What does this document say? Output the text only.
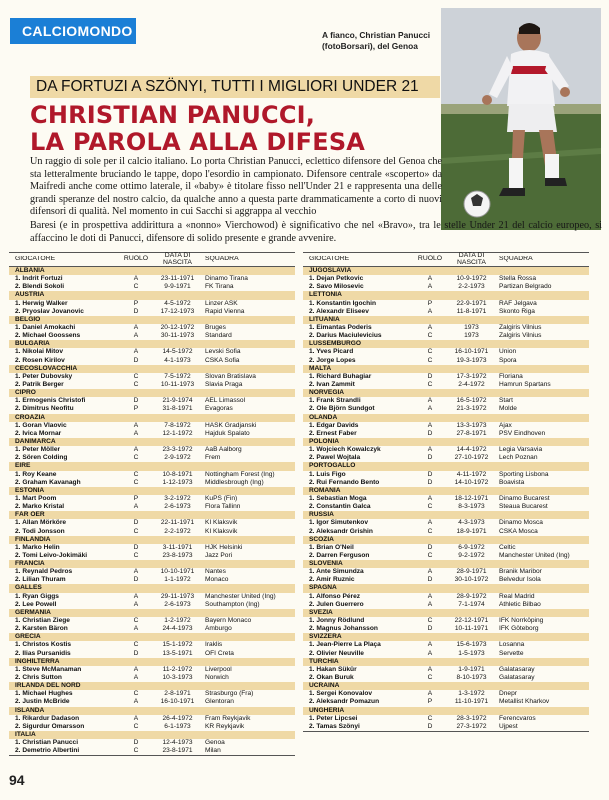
CALCIOMONDO	A fianco, Christian Panucci (fotoBorsari), del Genoa
DA FORTUZI A SZÖNYI, TUTTI I MIGLIORI UNDER 21
CHRISTIAN PANUCCI,
LA PAROLA ALLA DIFESA
Un raggio di sole per il calcio italiano. Lo porta Christian Panucci, eclettico difensore del Genoa che sta letteralmente bruciando le tappe, dopo l'esordio in campionato. Difensore centrale «scoperto» da Maifredi anche come ottimo laterale, il «baby» è titolare fisso nell'Under 21 e rappresenta una delle grandi speranze del nostro calcio, da qualche anno a questa parte drammaticamente a corto di nuovi difensori di qualità. Nel momento in cui Sacchi si aggrappa al vecchio
Baresi (e in prospettiva addirittura a «nonno» Vierchowod) è significativo che nel «Bravo», tra le stelle Under 21 del calcio europeo, si affaccino le doti di Panucci, difensore di solido presente e grande avvenire.
GIOCATORE	RUOLO	DATA DI NASCITA	SQUADRA
ALBANIA
1. Indrit Fortuzi	A	23-11-1971	Dinamo Tirana
2. Blendi Sokoli	C	9-9-1971	FK Tirana
AUSTRIA
1. Herwig Walker	P	4-5-1972	Linzer ASK
2. Pryoslav Jovanovic	D	17-12-1973	Rapid Vienna
BELGIO
1. Daniel Amokachi	A	20-12-1972	Bruges
2. Michael Goossens	A	30-11-1973	Standard
BULGARIA
1. Nikolai Mitov	A	14-5-1972	Levski Sofia
2. Rosen Kirilov	D	4-1-1973	CSKA Sofia
CECOSLOVACCHIA
1. Peter Dubovsky	C	7-5-1972	Slovan Bratislava
2. Patrik Berger	C	10-11-1973	Slavia Praga
CIPRO
1. Ermogenis Christofi	D	21-9-1974	AEL Limassol
2. Dimitrus Neofitu	P	31-8-1971	Evagoras
CROAZIA
1. Goran Vlaovic	A	7-8-1972	HASK Gradjanski
2. Ivica Mornar	A	12-1-1972	Hajduk Spalato
DANIMARCA
1. Peter Möller	A	23-3-1972	AaB Aalborg
2. Sören Colding	C	2-9-1972	Frem
EIRE
1. Roy Keane	C	10-8-1971	Nottingham Forest (Ing)
2. Graham Kavanagh	C	1-12-1973	Middlesbrough (Ing)
ESTONIA
1. Mart Poom	P	3-2-1972	KuPS (Fin)
2. Marko Kristal	A	2-6-1973	Flora Tallinn
FÄR ÖER
1. Allan Mörköre	D	22-11-1971	KI Klaksvik
2. Todi Jonsson	C	2-2-1972	KI Klaksvik
FINLANDIA
1. Marko Helin	D	3-11-1971	HJK Helsinki
2. Tomi Leivo-Jokimäki	C	23-8-1973	Jazz Pori
FRANCIA
1. Reynald Pedros	A	10-10-1971	Nantes
2. Lilian Thuram	D	1-1-1972	Monaco
GALLES
1. Ryan Giggs	A	29-11-1973	Manchester United (Ing)
2. Lee Powell	A	2-6-1973	Southampton (Ing)
GERMANIA
1. Christian Ziege	C	1-2-1972	Bayern Monaco
2. Karsten Bäron	A	24-4-1973	Amburgo
GRECIA
1. Christos Kostis	C	15-1-1972	Iraklis
2. Ilias Pursanidis	D	13-5-1971	OFI Creta
INGHILTERRA
1. Steve McManaman	A	11-2-1972	Liverpool
2. Chris Sutton	A	10-3-1973	Norwich
IRLANDA DEL NORD
1. Michael Hughes	C	2-8-1971	Strasburgo (Fra)
2. Justin McBride	A	16-10-1971	Glentoran
ISLANDA
1. Rikardur Dadason	A	26-4-1972	Fram Reykjavik
2. Sigurdur Omarsson	C	6-1-1973	KR Reykjavik
ITALIA
1. Christian Panucci	D	12-4-1973	Genoa
2. Demetrio Albertini	C	23-8-1971	Milan
GIOCATORE	RUOLO	DATA DI NASCITA	SQUADRA
JUGOSLAVIA
1. Dejan Petkovic	A	10-9-1972	Stella Rossa
2. Savo Milosevic	A	2-2-1973	Partizan Belgrado
LETTONIA
1. Konstantin Igochin	P	22-9-1971	RAF Jelgava
2. Alexandr Eliseev	A	11-8-1971	Skonto Riga
LITUANIA
1. Eimantas Poderis	A	1973	Zalgiris Vilnius
2. Darius Maciulevicius	C	1973	Zalgiris Vilnius
LUSSEMBURGO
1. Yves Picard	C	16-10-1971	Union
2. Jorge Lopes	C	19-3-1973	Spora
MALTA
1. Richard Buhagiar	D	17-3-1972	Floriana
2. Ivan Zammit	C	2-4-1972	Hamrun Spartans
NORVEGIA
1. Frank Strandli	A	16-5-1972	Start
2. Ole Björn Sundgot	A	21-3-1972	Molde
OLANDA
1. Edgar Davids	A	13-3-1973	Ajax
2. Ernest Faber	D	27-8-1971	PSV Eindhoven
POLONIA
1. Wojciech Kowalczyk	A	14-4-1972	Legia Varsavia
2. Pawel Wojtala	D	27-10-1972	Lech Poznan
PORTOGALLO
1. Luis Figo	D	4-11-1972	Sporting Lisbona
2. Rui Fernando Bento	D	14-10-1972	Boavista
ROMANIA
1. Sebastian Moga	A	18-12-1971	Dinamo Bucarest
2. Constantin Galca	C	8-3-1973	Steaua Bucarest
RUSSIA
1. Igor Simutenkov	A	4-3-1973	Dinamo Mosca
2. Aleksandr Grishin	C	18-9-1971	CSKA Mosca
SCOZIA
1. Brian O'Neil	D	6-9-1972	Celtic
2. Darren Ferguson	C	9-2-1972	Manchester United (Ing)
SLOVENIA
1. Ante Simundza	A	28-9-1971	Branik Maribor
2. Amir Ruznic	D	30-10-1972	Belvedur Isola
SPAGNA
1. Alfonso Pérez	A	28-9-1972	Real Madrid
2. Julen Guerrero	A	7-1-1974	Athletic Bilbao
SVEZIA
1. Jonny Rödlund	C	22-12-1971	IFK Norrköping
2. Magnus Johansson	D	10-11-1971	IFK Göteborg
SVIZZERA
1. Jean-Pierre La Plaça	A	15-6-1973	Losanna
2. Olivier Neuville	A	1-5-1973	Servette
TURCHIA
1. Hakan Sükür	A	1-9-1971	Galatasaray
2. Okan Buruk	C	8-10-1973	Galatasaray
UCRAINA
1. Sergei Konovalov	A	1-3-1972	Dnepr
2. Aleksandr Pomazun	P	11-10-1971	Metallist Kharkov
UNGHERIA
1. Peter Lipcsei	C	28-3-1972	Ferencvaros
2. Tamas Szönyi	D	27-3-1972	Ujpest
94
